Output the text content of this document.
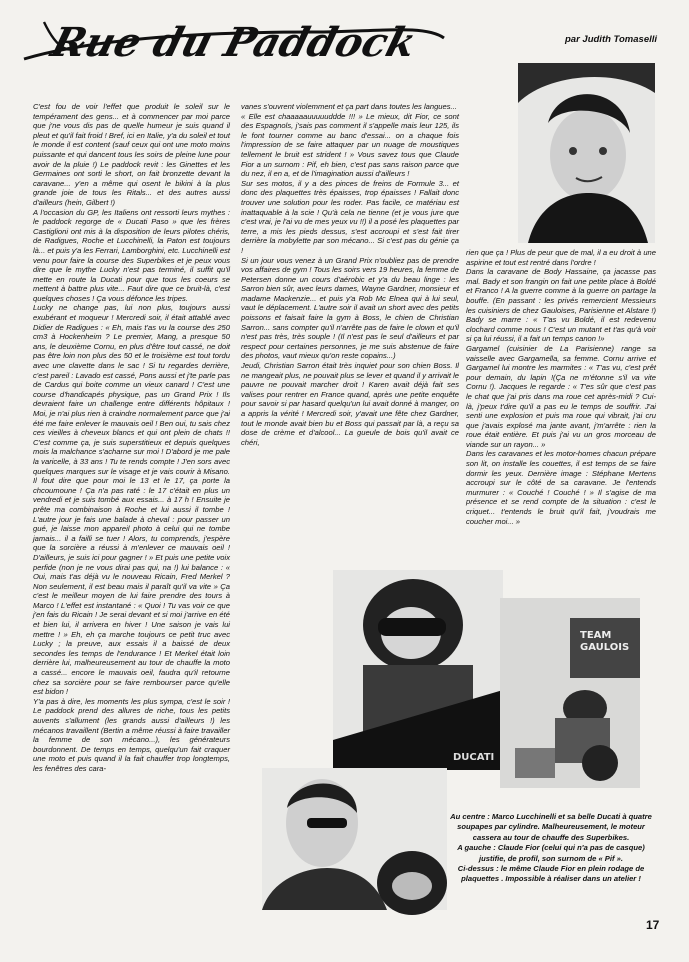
Rue du Paddock	par Judith Tomaselli
DUCATI
TEAM GAULOIS
C'est fou de voir l'effet que produit le soleil sur le tempérament des gens... et à commencer par moi parce que j'ne vous dis pas de quelle humeur je suis quand il pleut et qu'il fait froid ! Bref, ici en Italie, y'a du soleil et tout le monde il est content (sauf ceux qui ont une moto moins puissante et qui dancent tous les soirs de pleine lune pour avoir de la pluie !) Le paddock revit : les Ginettes et les Germaines ont sorti le short, on fait bronzette devant la caravane... y'en a même qui osent le bikini à la plus grande joie de tous les Ritals... et des autres aussi d'ailleurs (hein, Gilbert !)
A l'occasion du GP, les Italiens ont ressorti leurs mythes : le paddock regorge de « Ducati Paso » que les frères Castiglioni ont mis à la disposition de leurs pilotes chéris, de Radigues, Roche et Lucchinelli, la Paton est toujours là... et puis y'a les Ferrari, Lamborghini, etc. Lucchinelli est venu pour faire la course des Superbikes et je peux vous dire que le mythe Lucky n'est pas terminé, il suffit qu'il mette en route la Ducati pour que tous les coeurs se mettent à battre plus vite... Faut dire que ce bruit-là, c'est quelques choses ! Ça vous défonce les tripes.
Lucky ne change pas, lui non plus, toujours aussi exubérant et moqueur ! Mercredi soir, il était attablé avec Didier de Radigues : « Eh, mais t'as vu la course des 250 cm3 à Hockenheim ? Le premier, Mang, a presque 50 ans, le deuxième Cornu, en plus d'être tout cassé, ne doit pas être loin non plus des 50 et le troisième est tout tordu avec une clavette dans le sac ! Si tu regardes derrière, c'est pareil : Lavado est cassé, Pons aussi et j'te parle pas de Cardus qui boite comme un vieux canard ! C'est une course d'handicapés physique, pas un Grand Prix ! Ils devraient faire un challenge entre différents hôpitaux ! Moi, je n'ai plus rien à craindre normalement parce que j'ai été me faire enlever le mauvais oeil ! Ben oui, tu sais chez ces vieilles à cheveux blancs et qui ont plein de chats !! C'est comme ça, je suis superstitieux et depuis quelques mois la malchance s'acharne sur moi ! D'abord je me pale la varicelle, à 33 ans ! Tu te rends compte ! J'en sors avec quelques marques sur le visage et je vais courir à Misano. Il fout dire que pour moi le 13 et le 17, ça porte la chcoumoune ! Ça n'a pas raté : le 17 c'était en plus un vendredi et je suis tombé aux essais... à 17 h ! Ensuite je prête ma combinaison à Roche et lui aussi il tombe ! L'autre jour je fais une balade à cheval : pour passer un gué, je laisse mon appareil photo à celui qui ne tombe jamais... il a failli se tuer ! Alors, tu comprends, j'espère que la sorcière a réussi à m'enlever ce mauvais oeil ! D'ailleurs, je suis ici pour gagner ! » Et puis une petite voix perfide (non je ne vous dirai pas qui, na !) lui balance : « Oui, mais t'as déjà vu le nouveau Ricain, Fred Merkel ? Non seulement, il est beau mais il paraît qu'il va vite » Ça c'est le meilleur moyen de lui faire prendre des tours à Marco ! L'effet est instantané : « Quoi ! Tu vas voir ce que j'en fais du Ricain ! Je serai devant et si moi j'arrive en été et bien lui, il arrivera en hiver ! Une saison je vais lui mettre ! » Eh, eh ça marche toujours ce petit truc avec Lucky ; la preuve, aux essais il a baissé de deux secondes les temps de l'endurance ! Et Merkel était loin derrière lui, malheureusement au tour de chauffe la moto a cassé... encore le mauvais oeil, faudra qu'il retourne chez sa sorcière pour se faire rembourser parce qu'elle est bidon !
Y'a pas à dire, les moments les plus sympa, c'est le soir ! Le paddock prend des allures de riche, tous les petits auvents s'allument (les grands aussi d'ailleurs !) les mécanos travaillent (Bertin a même réussi à faire travailler la femme de son mécano...), les générateurs bourdonnent. De temps en temps, quelqu'un fait craquer une moto et puis quand il la fait chauffer trop longtemps, les fenêtres des cara-
vanes s'ouvrent violemment et ça part dans toutes les langues...
« Elle est chaaaaauuuuuddde !!! » Le mieux, dit Fior, ce sont des Espagnols, j'sais pas comment il s'appelle mais leur 125, ils le font tourner comme au banc d'essai... on a chaque fois l'impression de se faire attaquer par un nuage de moustiques tellement le bruit est strident ! » Vous savez tous que Claude Fior a un surnom : Pif, eh bien, c'est pas sans raison parce que du nez, il en a, et de l'imagination aussi d'ailleurs !
Sur ses motos, il y a des pinces de freins de Formule 3... et donc des plaquettes très épaisses, trop épaisses ! Fallait donc trouver une solution pour les roder. Pas facile, ce matériau est inattaquable à la scie ! Qu'à cela ne tienne (et je vous jure que c'est vrai, je l'ai vu de mes yeux vu !!) il a posé les plaquettes par terre, a mis les pieds dessus, s'est accroupi et s'est fait tirer derrière la mobylette par son mécano... Si c'est pas du génie ça !
Si un jour vous venez à un Grand Prix n'oubliez pas de prendre vos affaires de gym ! Tous les soirs vers 19 heures, la femme de Petersen donne un cours d'aérobic et y'a du beau linge : les Sarron bien sûr, avec leurs dames, Wayne Gardner, monsieur et madame Mackenzie... et puis y'a Rob Mc Elnea qui à lui seul, vaut le déplacement. L'autre soir il avait un short avec des petits poissons et faisait faire la gym à Boss, le chien de Christian Sarron... sans compter qu'il n'arrête pas de faire le clown et qu'il n'est pas très, très souple ! (Il n'est pas le seul d'ailleurs et par respect pour certaines personnes, je me suis abstenue de faire des photos, vaut mieux qu'on reste copains...)
Jeudi, Christian Sarron était très inquiet pour son chien Boss. Il ne mangeait plus, ne pouvait plus se lever et quand il y arrivait le pauvre ne pouvait marcher droit ! Karen avait déjà fait ses valises pour rentrer en France quand, après une petite enquête pour savoir si par hasard quelqu'un lui avait donné à manger, on a appris la vérité ! Mercredi soir, y'avait une fête chez Gardner, tout le monde avait bien bu et Boss qui passait par là, a reçu sa dose de crème et d'alcool... La gueule de bois qu'il avait ce chéri,
rien que ça ! Plus de peur que de mal, il a eu droit à une aspirine et tout est rentré dans l'ordre !
Dans la caravane de Body Hassaine, ça jacasse pas mal. Bady et son frangin on fait une petite place à Boldé et Franco ! A la guerre comme à la guerre on partage la bouffe. (En passant : les privés remercient Messieurs les cuisiniers de chez Gauloises, Parisienne et Alstare !) Bady se marre : « T'as vu Boldé, il est redevenu clochard comme nous ! C'est un mutant et t'as qu'à voir si ça lui réussi, il a fait un temps canon !»
Gargamel (cuisinier de La Parisienne) range sa vaisselle avec Gargamella, sa femme. Cornu arrive et Gargamel lui montre les marmites : « T'as vu, c'est prêt pour demain, du lapin !(Ça ne m'étonne s'il va vite Cornu !). Jacques le regarde : « T'es sûr que c'est pas le chat que j'ai pris dans ma roue cet après-midi ? Cui-là, j'peux t'dire qu'il a pas eu le temps de souffrir. J'ai senti une explosion et puis ma roue qui vibrait, j'ai cru que j'avais explosé ma jante avant, j'm'arrête : rien la roue était entière. Et puis j'ai vu un gros morceau de viande sur un rayon... »
Dans les caravanes et les motor-homes chacun prépare son lit, on installe les couettes, il est temps de se faire dormir les yeux. Dernière image : Stéphane Mertens accroupi sur le côté de sa caravane. Je l'entends murmurer : « Couché ! Couché ! » Il s'agise de ma présence et se rend compte de la situation : c'est le criquet... t'entends le bruit qu'il fait, j'voudrais me coucher moi... »
Au centre : Marco Lucchinelli et sa belle Ducati à quatre soupapes par cylindre. Malheureusement, le moteur cassera au tour de chauffe des Superbikes.
A gauche : Claude Fior (celui qui n'a pas de casque) justifie, de profil, son surnom de « Pif ».
Ci-dessus : le même Claude Fior en plein rodage de plaquettes . Impossible à réaliser dans un atelier !
17
